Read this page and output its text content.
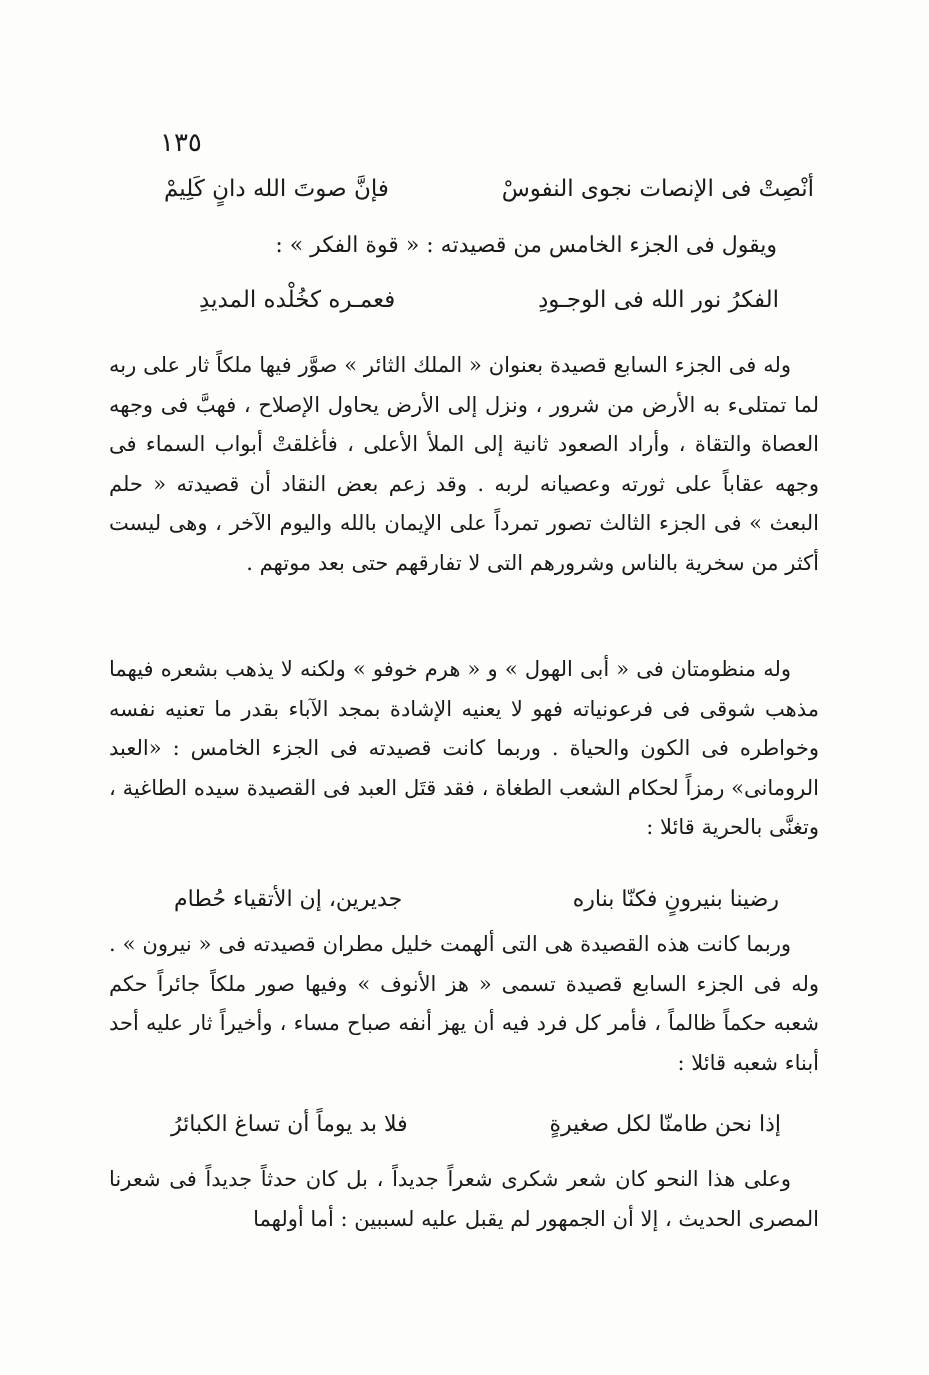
١٣٥
أنْصِتْ فى الإنصات نجوى النفوسْ
فإنَّ صوتَ الله دانٍ كَلِيمْ
ويقول فى الجزء الخامس من قصيدته : « قوة الفكر » :
الفكرُ نور الله فى الوجـودِ
فعمـره كخُلْده المديدِ
وله فى الجزء السابع قصيدة بعنوان « الملك الثائر » صوَّر فيها ملكاً ثار على ربه لما تمتلىء به الأرض من شرور ، ونزل إلى الأرض يحاول الإصلاح ، فهبَّ فى وجهه العصاة والتقاة ، وأراد الصعود ثانية إلى الملأ الأعلى ، فأغلقتْ أبواب السماء فى وجهه عقاباً على ثورته وعصيانه لربه . وقد زعم بعض النقاد أن قصيدته « حلم البعث » فى الجزء الثالث تصور تمرداً على الإيمان بالله واليوم الآخر ، وهى ليست أكثر من سخرية بالناس وشرورهم التى لا تفارقهم حتى بعد موتهم .
وله منظومتان فى « أبى الهول » و « هرم خوفو » ولكنه لا يذهب بشعره فيهما مذهب شوقى فى فرعونياته فهو لا يعنيه الإشادة بمجد الآباء بقدر ما تعنيه نفسه وخواطره فى الكون والحياة . وربما كانت قصيدته فى الجزء الخامس : «العبد الرومانى» رمزاً لحكام الشعب الطغاة ، فقد قتَل العبد فى القصيدة سيده الطاغية ، وتغنَّى بالحرية قائلا :
رضينا بنيرونٍ فكنّا بناره
جديرين، إن الأتقياء حُطام
وربما كانت هذه القصيدة هى التى ألهمت خليل مطران قصيدته فى « نيرون » . وله فى الجزء السابع قصيدة تسمى « هز الأنوف » وفيها صور ملكاً جائراً حكم شعبه حكماً ظالماً ، فأمر كل فرد فيه أن يهز أنفه صباح مساء ، وأخيراً ثار عليه أحد أبناء شعبه قائلا :
إذا نحن طامنّا لكل صغيرةٍ
فلا بد يوماً أن تساغ الكبائرُ
وعلى هذا النحو كان شعر شكرى شعراً جديداً ، بل كان حدثاً جديداً فى شعرنا المصرى الحديث ، إلا أن الجمهور لم يقبل عليه لسببين : أما أولهما
